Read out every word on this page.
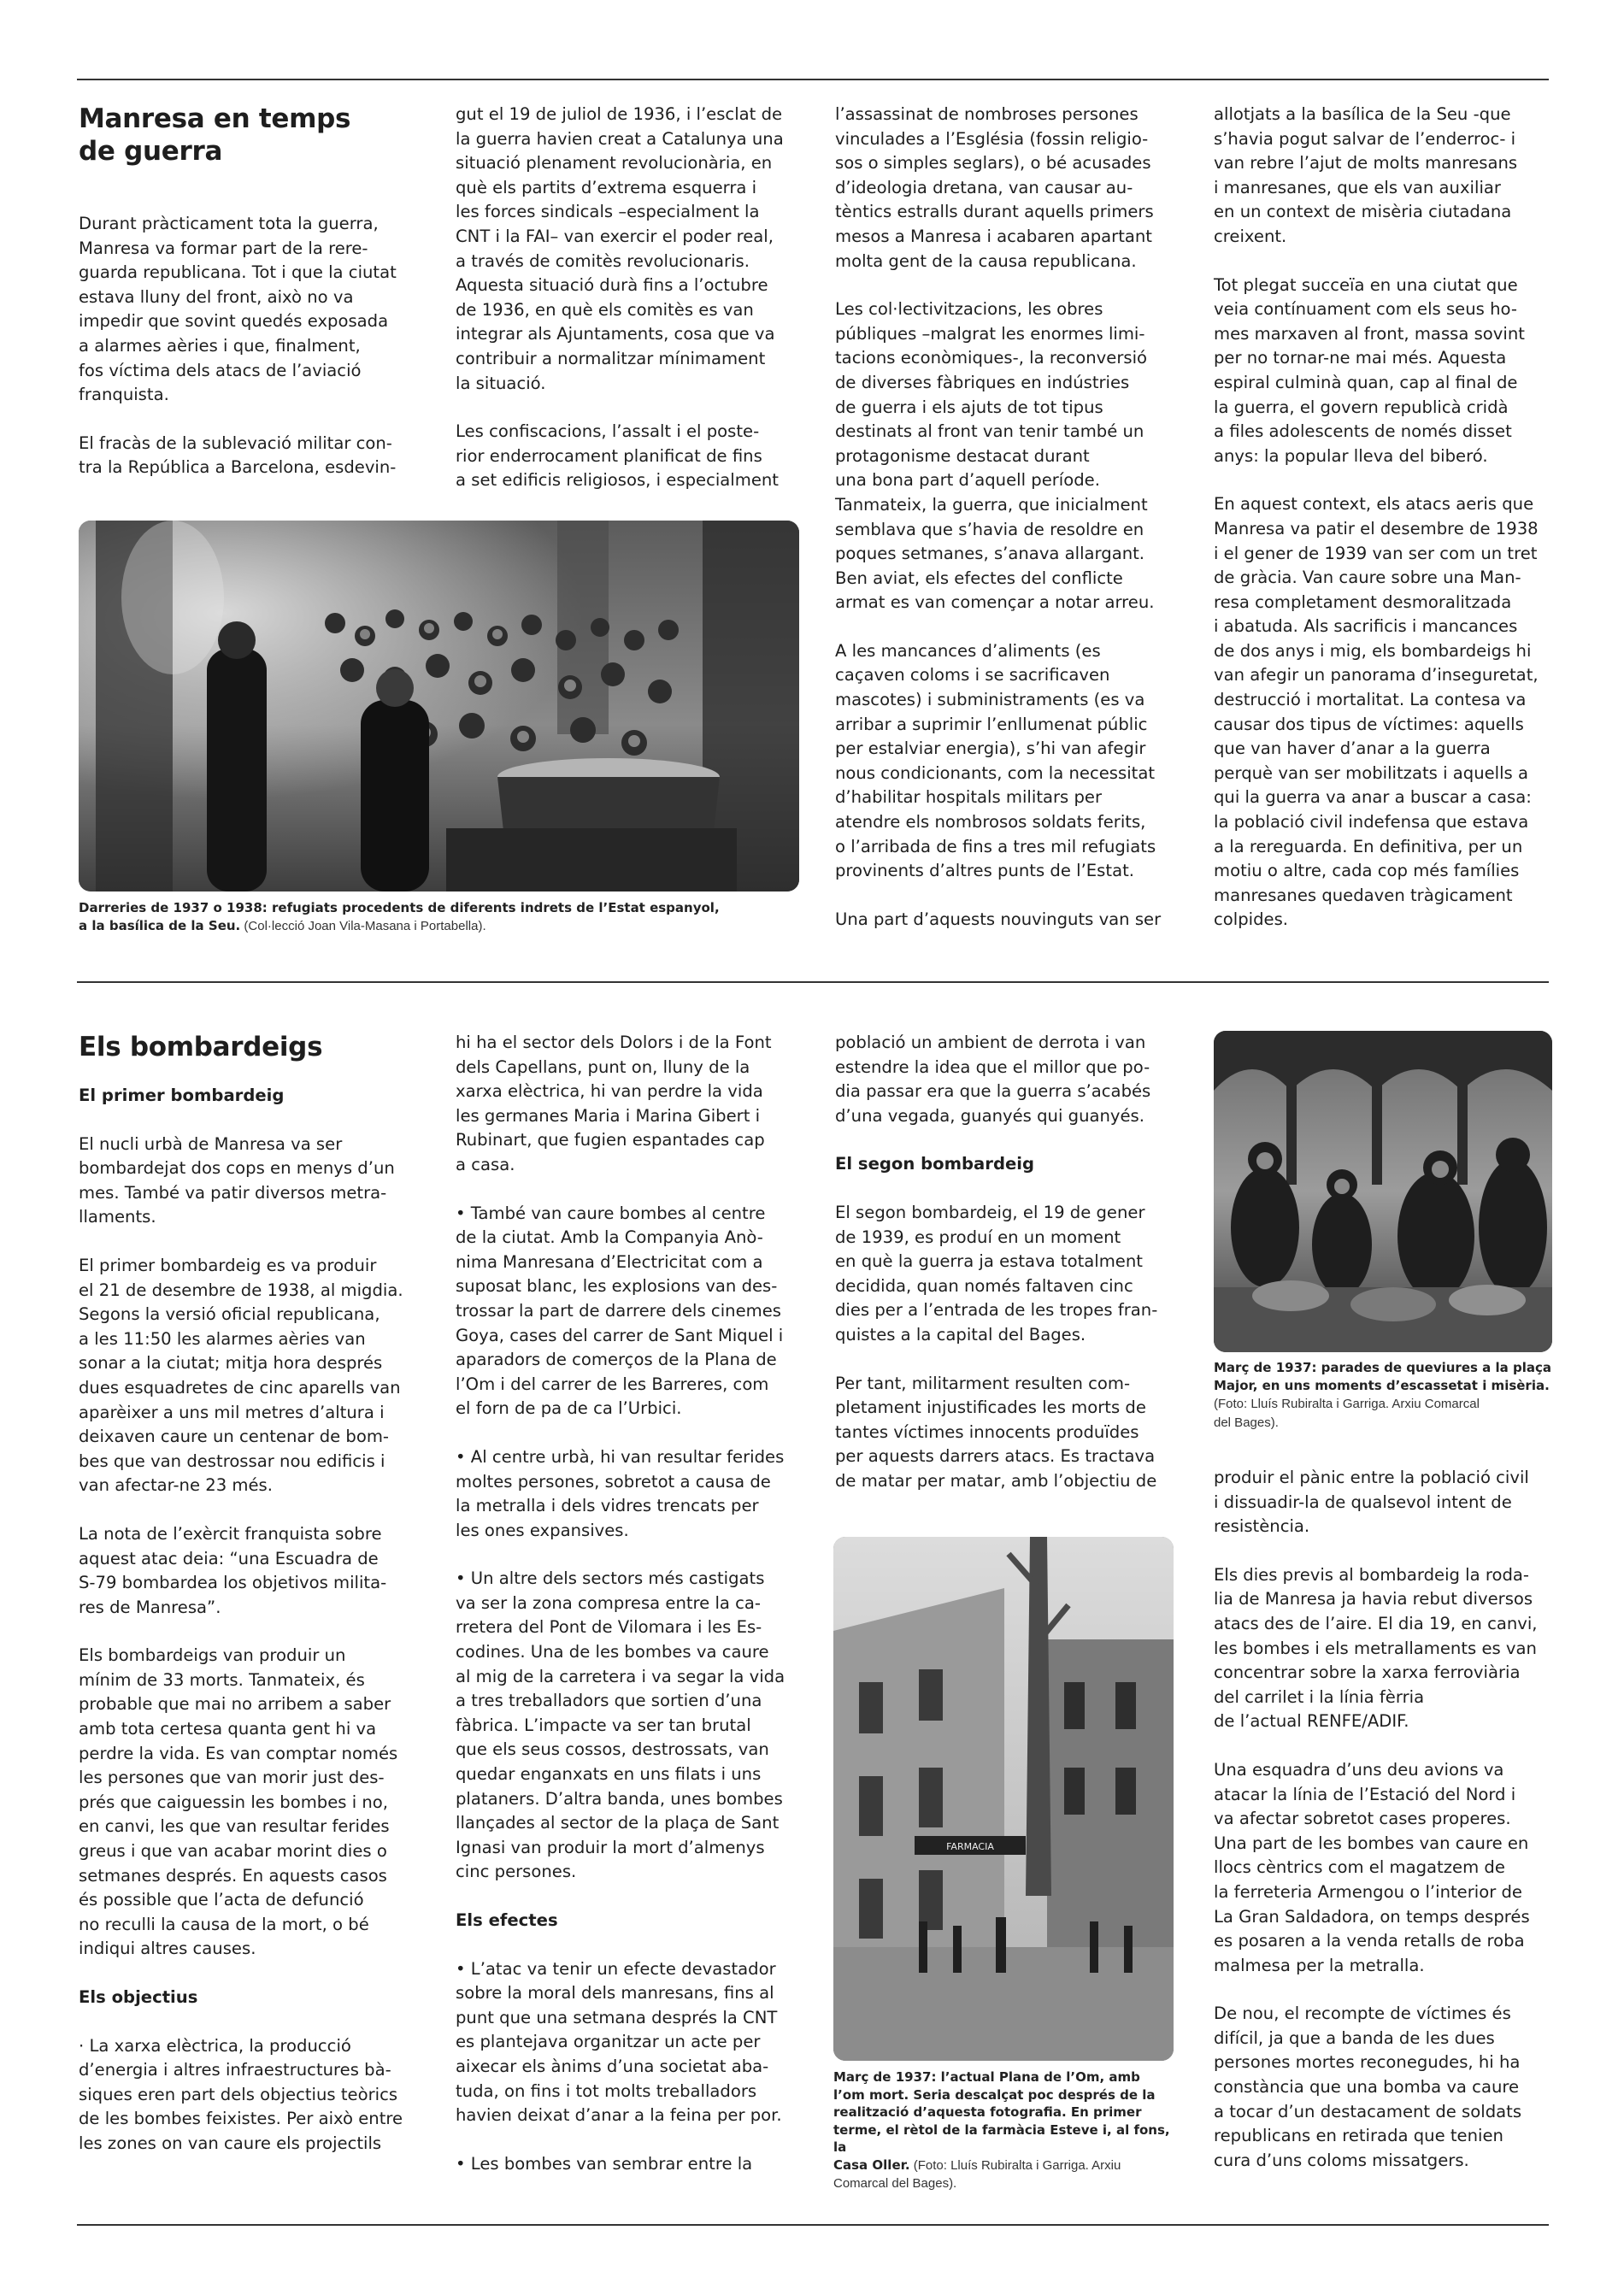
Manresa en temps
de guerra

Durant pràcticament tota la guerra,
Manresa va formar part de la rere-
guarda republicana. Tot i que la ciutat
estava lluny del front, això no va
impedir que sovint quedés exposada
a alarmes aèries i que, finalment,
fos víctima dels atacs de l’aviació
franquista.

El fracàs de la sublevació militar con-
tra la República a Barcelona, esdevin-

gut el 19 de juliol de 1936, i l’esclat de
la guerra havien creat a Catalunya una
situació plenament revolucionària, en
què els partits d’extrema esquerra i
les forces sindicals –especialment la
CNT i la FAI– van exercir el poder real,
a través de comitès revolucionaris.
Aquesta situació durà fins a l’octubre
de 1936, en què els comitès es van
integrar als Ajuntaments, cosa que va
contribuir a normalitzar mínimament
la situació.

Les confiscacions, l’assalt i el poste-
rior enderrocament planificat de fins
a set edificis religiosos, i especialment

l’assassinat de nombroses persones
vinculades a l’Església (fossin religio-
sos o simples seglars), o bé acusades
d’ideologia dretana, van causar au-
tèntics estralls durant aquells primers
mesos a Manresa i acabaren apartant
molta gent de la causa republicana.

Les col·lectivitzacions, les obres
públiques –malgrat les enormes limi-
tacions econòmiques-, la reconversió
de diverses fàbriques en indústries
de guerra i els ajuts de tot tipus
destinats al front van tenir també un
protagonisme destacat durant
una bona part d’aquell període.
Tanmateix, la guerra, que inicialment
semblava que s’havia de resoldre en
poques setmanes, s’anava allargant.
Ben aviat, els efectes del conflicte
armat es van començar a notar arreu.

A les mancances d’aliments (es
caçaven coloms i se sacrificaven
mascotes) i subministraments (es va
arribar a suprimir l’enllumenat públic
per estalviar energia), s’hi van afegir
nous condicionants, com la necessitat
d’habilitar hospitals militars per
atendre els nombrosos soldats ferits,
o l’arribada de fins a tres mil refugiats
provinents d’altres punts de l’Estat.

Una part d’aquests nouvinguts van ser

allotjats a la basílica de la Seu -que
s’havia pogut salvar de l’enderroc- i
van rebre l’ajut de molts manresans
i manresanes, que els van auxiliar
en un context de misèria ciutadana
creixent.

Tot plegat succeïa en una ciutat que
veia contínuament com els seus ho-
mes marxaven al front, massa sovint
per no tornar-ne mai més. Aquesta
espiral culminà quan, cap al final de
la guerra, el govern republicà cridà
a files adolescents de només disset
anys: la popular lleva del biberó.

En aquest context, els atacs aeris que
Manresa va patir el desembre de 1938
i el gener de 1939 van ser com un tret
de gràcia. Van caure sobre una Man-
resa completament desmoralitzada
i abatuda. Als sacrificis i mancances
de dos anys i mig, els bombardeigs hi
van afegir un panorama d’inseguretat,
destrucció i mortalitat. La contesa va
causar dos tipus de víctimes: aquells
que van haver d’anar a la guerra
perquè van ser mobilitzats i aquells a
qui la guerra va anar a buscar a casa:
la població civil indefensa que estava
a la rereguarda. En definitiva, per un
motiu o altre, cada cop més famílies
manresanes quedaven tràgicament
colpides.

Darreries de 1937 o 1938: refugiats procedents de diferents indrets de l’Estat espanyol,
a la basílica de la Seu. (Col·lecció Joan Vila-Masana i Portabella).

Els bombardeigs

El primer bombardeig

El nucli urbà de Manresa va ser
bombardejat dos cops en menys d’un
mes. També va patir diversos metra-
llaments.

El primer bombardeig es va produir
el 21 de desembre de 1938, al migdia.
Segons la versió oficial republicana,
a les 11:50 les alarmes aèries van
sonar a la ciutat; mitja hora després
dues esquadretes de cinc aparells van
aparèixer a uns mil metres d’altura i
deixaven caure un centenar de bom-
bes que van destrossar nou edificis i
van afectar-ne 23 més.

La nota de l’exèrcit franquista sobre
aquest atac deia: “una Escuadra de
S-79 bombardea los objetivos milita-
res de Manresa”.

Els bombardeigs van produir un
mínim de 33 morts. Tanmateix, és
probable que mai no arribem a saber
amb tota certesa quanta gent hi va
perdre la vida. Es van comptar només
les persones que van morir just des-
prés que caiguessin les bombes i no,
en canvi, les que van resultar ferides
greus i que van acabar morint dies o
setmanes després. En aquests casos
és possible que l’acta de defunció
no reculli la causa de la mort, o bé
indiqui altres causes.

Els objectius

· La xarxa elèctrica, la producció
d’energia i altres infraestructures bà-
siques eren part dels objectius teòrics
de les bombes feixistes. Per això entre
les zones on van caure els projectils

hi ha el sector dels Dolors i de la Font
dels Capellans, punt on, lluny de la
xarxa elèctrica, hi van perdre la vida
les germanes Maria i Marina Gibert i
Rubinart, que fugien espantades cap
a casa.

• També van caure bombes al centre
de la ciutat. Amb la Companyia Anò-
nima Manresana d’Electricitat com a
suposat blanc, les explosions van des-
trossar la part de darrere dels cinemes
Goya, cases del carrer de Sant Miquel i
aparadors de comerços de la Plana de
l’Om i del carrer de les Barreres, com
el forn de pa de ca l’Urbici.

• Al centre urbà, hi van resultar ferides
moltes persones, sobretot a causa de
la metralla i dels vidres trencats per
les ones expansives.

• Un altre dels sectors més castigats
va ser la zona compresa entre la ca-
rretera del Pont de Vilomara i les Es-
codines. Una de les bombes va caure
al mig de la carretera i va segar la vida
a tres treballadors que sortien d’una
fàbrica. L’impacte va ser tan brutal
que els seus cossos, destrossats, van
quedar enganxats en uns filats i uns
plataners. D’altra banda, unes bombes
llançades al sector de la plaça de Sant
Ignasi van produir la mort d’almenys
cinc persones.

Els efectes

• L’atac va tenir un efecte devastador
sobre la moral dels manresans, fins al
punt que una setmana després la CNT
es plantejava organitzar un acte per
aixecar els ànims d’una societat aba-
tuda, on fins i tot molts treballadors
havien deixat d’anar a la feina per por.

• Les bombes van sembrar entre la

població un ambient de derrota i van
estendre la idea que el millor que po-
dia passar era que la guerra s’acabés
d’una vegada, guanyés qui guanyés.

El segon bombardeig

El segon bombardeig, el 19 de gener
de 1939, es produí en un moment
en què la guerra ja estava totalment
decidida, quan només faltaven cinc
dies per a l’entrada de les tropes fran-
quistes a la capital del Bages.

Per tant, militarment resulten com-
pletament injustificades les morts de
tantes víctimes innocents produïdes
per aquests darrers atacs. Es tractava
de matar per matar, amb l’objectiu de

FARMACIA
Març de 1937: l’actual Plana de l’Om, amb
l’om mort. Seria descalçat poc després de la
realització d’aquesta fotografia. En primer
terme, el rètol de la farmàcia Esteve i, al fons, la
Casa Oller. (Foto: Lluís Rubiralta i Garriga. Arxiu
Comarcal del Bages).
Març de 1937: parades de queviures a la plaça
Major, en uns moments d’escassetat i misèria.
(Foto: Lluís Rubiralta i Garriga. Arxiu Comarcal
del Bages).

produir el pànic entre la població civil
i dissuadir-la de qualsevol intent de
resistència.

Els dies previs al bombardeig la roda-
lia de Manresa ja havia rebut diversos
atacs des de l’aire. El dia 19, en canvi,
les bombes i els metrallaments es van
concentrar sobre la xarxa ferroviària
del carrilet i la línia fèrria
de l’actual RENFE/ADIF.

Una esquadra d’uns deu avions va
atacar la línia de l’Estació del Nord i
va afectar sobretot cases properes.
Una part de les bombes van caure en
llocs cèntrics com el magatzem de
la ferreteria Armengou o l’interior de
La Gran Saldadora, on temps després
es posaren a la venda retalls de roba
malmesa per la metralla.

De nou, el recompte de víctimes és
difícil, ja que a banda de les dues
persones mortes reconegudes, hi ha
constància que una bomba va caure
a tocar d’un destacament de soldats
republicans en retirada que tenien
cura d’uns coloms missatgers.
